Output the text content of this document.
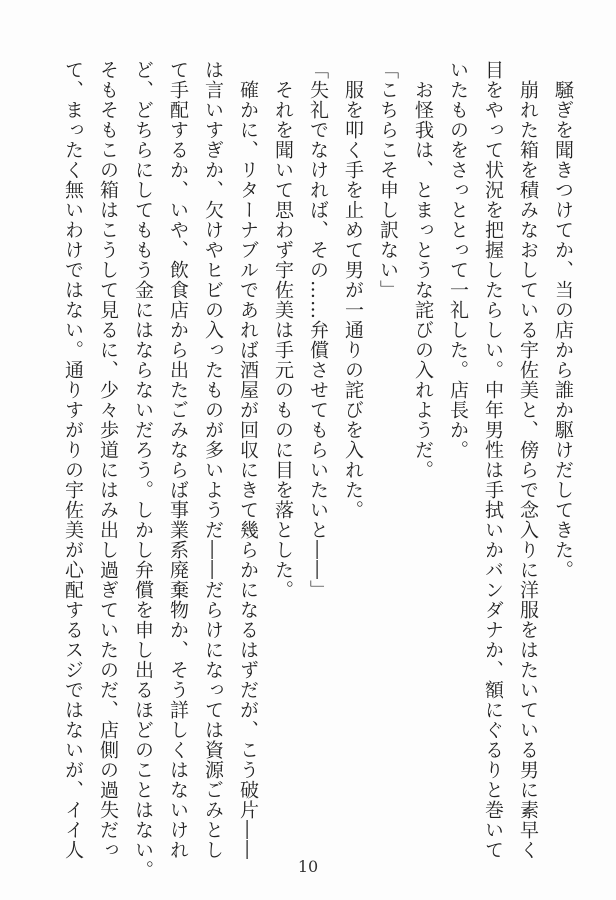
　騒ぎを聞きつけてか、当の店から誰か駆けだしてきた。
　崩れた箱を積みなおしている宇佐美と、傍らで念入りに洋服をはたいている男に素早く
目をやって状況を把握したらしい。中年男性は手拭いかバンダナか、額にぐるりと巻いて
いたものをさっととって一礼した。店長か。
　お怪我は、とまっとうな詫びの入れようだ。
「こちらこそ申し訳ない」
　服を叩く手を止めて男が一通りの詫びを入れた。
「失礼でなければ、その……弁償させてもらいたいと――」
　それを聞いて思わず宇佐美は手元のものに目を落とした。
　確かに、リターナブルであれば酒屋が回収にきて幾らかになるはずだが、こう破片――
は言いすぎか、欠けやヒビの入ったものが多いようだ――だらけになっては資源ごみとし
て手配するか、いや、飲食店から出たごみならば事業系廃棄物か、そう詳しくはないけれ
ど、どちらにしてももう金にはならないだろう。しかし弁償を申し出るほどのことはない。
そもそもこの箱はこうして見るに、少々歩道にはみ出し過ぎていたのだ、店側の過失だっ
て、まったく無いわけではない。通りすがりの宇佐美が心配するスジではないが、イイ人
10
